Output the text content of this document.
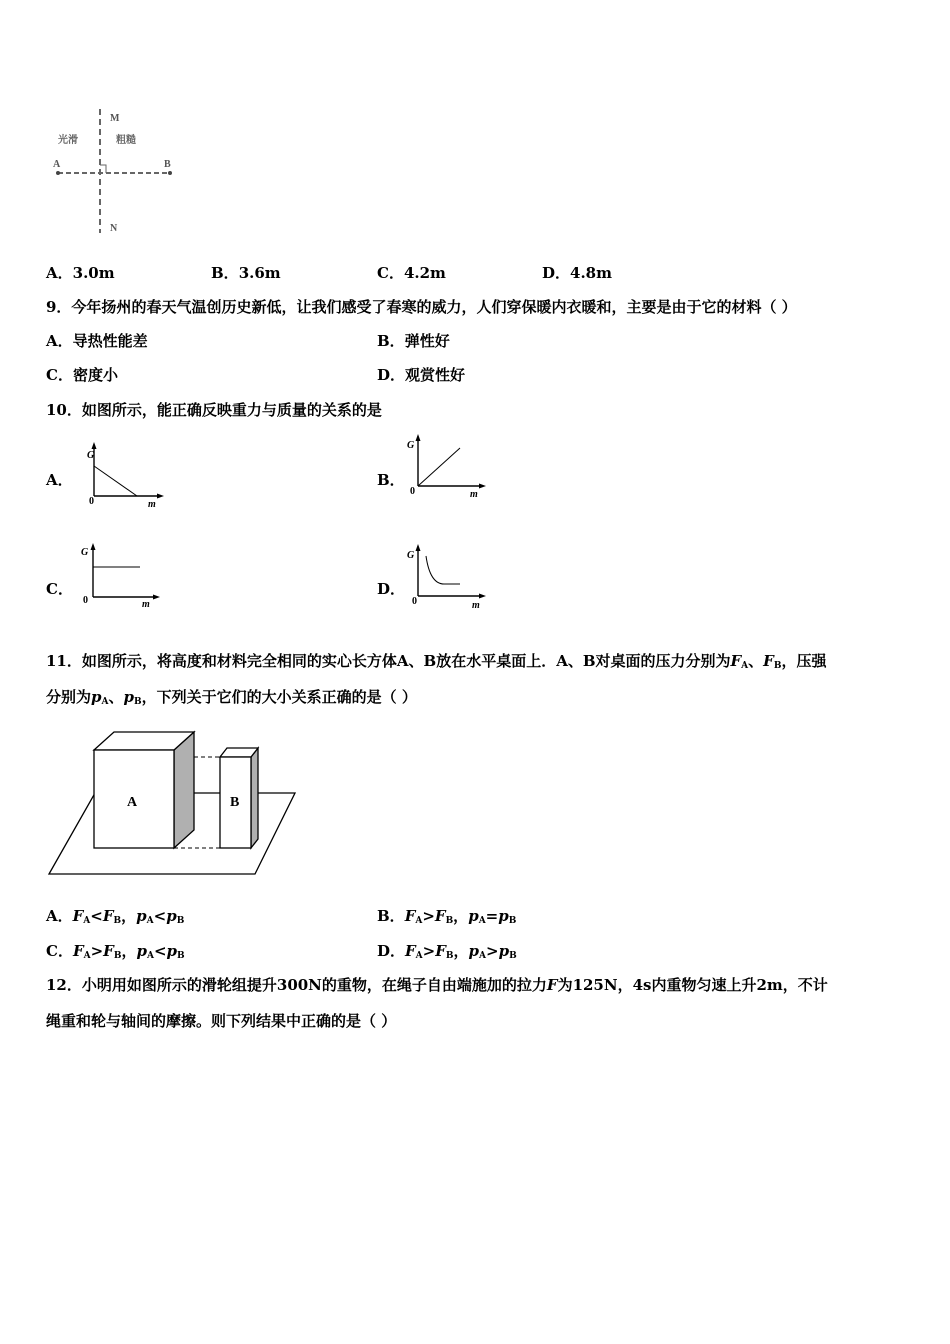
M
N
A	B
光滑	粗糙
A．3.0m	B．3.6m	C．4.2m	D．4.8m
9．今年扬州的春天气温创历史新低，让我们感受了春寒的威力，人们穿保暖内衣暖和，主要是由于它的材料（ ）
A．导热性能差	B．弹性好
C．密度小	D．观赏性好
10．如图所示，能正确反映重力与质量的关系的是
A．
G
0	m
B．
G
0	m
C．
G
0	m
D．
G
0	m
11．如图所示，将高度和材料完全相同的实心长方体A、B放在水平桌面上．A、B对桌面的压力分别为$F_A$、$F_B$，压强
分别为$p_A$、$p_B$，下列关于它们的大小关系正确的是（ ）
A	B
A．$F_A<F_B$，$p_A<p_B$	B．$F_A>F_B$，$p_A=p_B$
C．$F_A>F_B$，$p_A<p_B$	D．$F_A>F_B$，$p_A>p_B$
12．小明用如图所示的滑轮组提升300N的重物，在绳子自由端施加的拉力F为125N，4s内重物匀速上升2m，不计
绳重和轮与轴间的摩擦。则下列结果中正确的是（ ）
